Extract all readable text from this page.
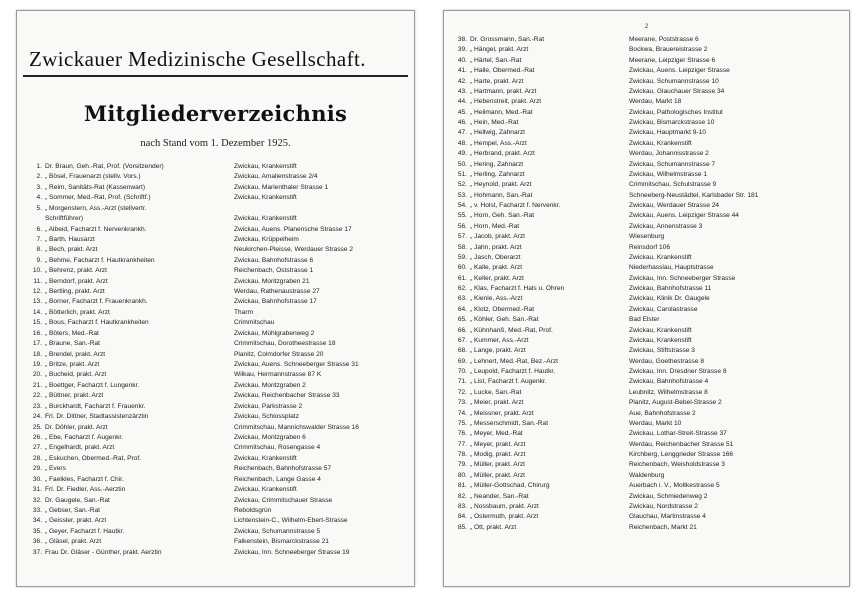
Zwickauer Medizinische Gesellschaft.
Mitgliederverzeichnis
nach Stand vom 1. Dezember 1925.
1. Dr. Braun, Geh.-Rat, Prof. (Vorsitzender)	Zwickau, Krankenstift
2. „ Bösel, Frauenarzt (stellv. Vors.)	Zwickau, Amalienstrasse 2/4
3. „ Reim, Sanitäts-Rat (Kassenwart)	Zwickau, Marienthaler Strasse 1
4. „ Sommer, Med.-Rat, Prof. (Schriftf.)	Zwickau, Krankenstift
5. „ Morgenstern, Ass.-Arzt (stellvertr.
Schriftführer)	Zwickau, Krankenstift
6. „ Albeid, Facharzt f. Nervenkrankh.	Zwickau, Auens. Planensche Strasse 17
7. „ Barth, Hausarzt	Zwickau, Krüppelheim
8. „ Bech, prakt. Arzt	Neukirchen-Pleisse, Werdauer Strasse 2
9. „ Behme, Facharzt f. Hautkrankheiten	Zwickau, Bahnhofstrasse 6
10. „ Behrenz, prakt. Arzt	Reichenbach, Oststrasse 1
11. „ Berndorf, prakt. Arzt	Zwickau, Moritzgraben 21
12. „ Bertling, prakt. Arzt	Werdau, Rathenaustrasse 27
13. „ Borner, Facharzt f. Frauenkrankh.	Zwickau, Bahnhofstrasse 17
14. „ Bötterlich, prakt. Arzt	Tharm
15. „ Bous, Facharzt f. Hautkrankheiten	Crimmitschau
16. „ Böters, Med.-Rat	Zwickau, Mühlgrabenweg 2
17. „ Braune, San.-Rat	Crimmitschau, Dorotheestrasse 18
18. „ Brendel, prakt. Arzt	Planitz, Colmdorfer Strasse 20
19. „ Britze, prakt. Arzt	Zwickau, Auens. Schneeberger Strasse 31
20. „ Bucheid, prakt. Arzt	Wilkau, Hermannstrasse 87 K
21. „ Boettger, Facharzt f. Lungenkr.	Zwickau, Moritzgraben 2
22. „ Büttner, prakt. Arzt	Zwickau, Reichenbacher Strasse 33
23. „ Burckhardt, Facharzt f. Frauenkr.	Zwickau, Parkstrasse 2
24. Frl. Dr. Dittner, Stadtassistenzärztin	Zwickau, Schlossplatz
25. Dr. Döhler, prakt. Arzt	Crimmitschau, Mannichswalder Strasse 16
26. „ Ebe, Facharzt f. Augenkr.	Zwickau, Moritzgraben 6
27. „ Engelhardt, prakt. Arzt	Crimmitschau, Rosengasse 4
28. „ Eskuchen, Obermed.-Rat, Prof.	Zwickau, Krankenstift
29. „ Evers	Reichenbach, Bahnhofstrasse 57
30. „ Faelkles, Facharzt f. Chir.	Reichenbach, Lange Gasse 4
31. Frl. Dr. Fiedler, Ass.-Aerztin	Zwickau, Krankenstift
32. Dr. Gaugele, San.-Rat	Zwickau, Crimmitschauer Strasse
33. „ Gebser, San.-Rat	Reboldsgrün
34. „ Geissler, prakt. Arzt	Lichtenstein-C., Wilhelm-Ebert-Strasse
35. „ Geyer, Facharzt f. Hautkr.	Zwickau, Schumannstrasse 5
36. „ Gläsel, prakt. Arzt	Falkenstein, Bismarckstrasse 21
37. Frau Dr. Gläser - Günther, prakt. Aerztin	Zwickau, Inn. Schneeberger Strasse 19
2
38. Dr. Grossmann, San.-Rat	Meerane, Poststrasse 6
39. „ Hängel, prakt. Arzt	Bockwa, Brauereistrasse 2
40. „ Härtel, San.-Rat	Meerane, Leipziger Strasse 6
41. „ Halle, Obermed.-Rat	Zwickau, Auens. Leipziger Strasse
42. „ Harte, prakt. Arzt	Zwickau, Schumannstrasse 10
43. „ Hartmann, prakt. Arzt	Zwickau, Glauchauer Strasse 34
44. „ Hebenstreit, prakt. Arzt	Werdau, Markt 18
45. „ Heilmann, Med.-Rat	Zwickau, Pathologisches Institut
46. „ Hein, Med.-Rat	Zwickau, Bismarckstrasse 10
47. „ Hellwig, Zahnarzt	Zwickau, Hauptmarkt 9-10
48. „ Hempel, Ass.-Arzt	Zwickau, Krankenstift
49. „ Herbrand, prakt. Arzt	Werdau, Johannisstrasse 2
50. „ Hering, Zahnarzt	Zwickau, Schumannstrasse 7
51. „ Herling, Zahnarzt	Zwickau, Wilhelmstrasse 1
52. „ Heynold, prakt. Arzt	Crimmitschau, Schulstrasse 9
53. „ Hohmann, San.-Rat	Schneeberg-Neustädtel, Karlsbader Str. 181
54. „ v. Holst, Facharzt f. Nervenkr.	Zwickau, Werdauer Strasse 24
55. „ Horn, Geh. San.-Rat	Zwickau, Auens. Leipziger Strasse 44
56. „ Horn, Med.-Rat	Zwickau, Annenstrasse 3
57. „ Jacob, prakt. Arzt	Wiesenburg
58. „ Jahn, prakt. Arzt	Reinsdorf 106
59. „ Jasch, Oberarzt	Zwickau, Krankenstift
60. „ Kalle, prakt. Arzt	Niederhasslau, Hauptstrasse
61. „ Keller, prakt. Arzt	Zwickau, Inn. Schneeberger Strasse
62. „ Klas, Facharzt f. Hals u. Ohren	Zwickau, Bahnhofstrasse 11
63. „ Kienle, Ass.-Arzt	Zwickau, Klinik Dr. Gaugele
64. „ Klotz, Obermed.-Rat	Zwickau, Carolastrasse
65. „ Köhler, Geh. San.-Rat	Bad Elster
66. „ Kühnhanß, Med.-Rat, Prof.	Zwickau, Krankenstift
67. „ Kummer, Ass.-Arzt	Zwickau, Krankenstift
68. „ Lange, prakt. Arzt	Zwickau, Stiftstrasse 3
69. „ Lehnert, Med.-Rat, Bez.-Arzt	Werdau, Goethestrasse 8
70. „ Leupold, Facharzt f. Hautkr.	Zwickau, Inn. Dresdner Strasse 8
71. „ List, Facharzt f. Augenkr.	Zwickau, Bahnhofstrasse 4
72. „ Lucke, San.-Rat	Leubnitz, Wilhelmstrasse 8
73. „ Meier, prakt. Arzt	Planitz, August-Bebel-Strasse 2
74. „ Meissner, prakt. Arzt	Aue, Bahnhofstrasse 2
75. „ Messerschmidt, San.-Rat	Werdau, Markt 10
76. „ Meyer, Med.-Rat	Zwickau, Lothar-Streit-Strasse 37
77. „ Meyer, prakt. Arzt	Werdau, Reichenbacher Strasse 51
78. „ Modig, prakt. Arzt	Kirchberg, Lenggrieder Strasse 166
79. „ Müller, prakt. Arzt	Reichenbach, Weisholdstrasse 3
80. „ Müller, prakt. Arzt	Waldenburg
81. „ Müller-Gottschad, Chirurg	Auerbach i. V., Moltkestrasse 5
82. „ Neander, San.-Rat	Zwickau, Schmiedenweg 2
83. „ Nossbaum, prakt. Arzt	Zwickau, Nordstrasse 2
84. „ Ostermuth, prakt. Arzt	Glauchau, Martinstrasse 4
85. „ Ott, prakt. Arzt	Reichenbach, Markt 21
